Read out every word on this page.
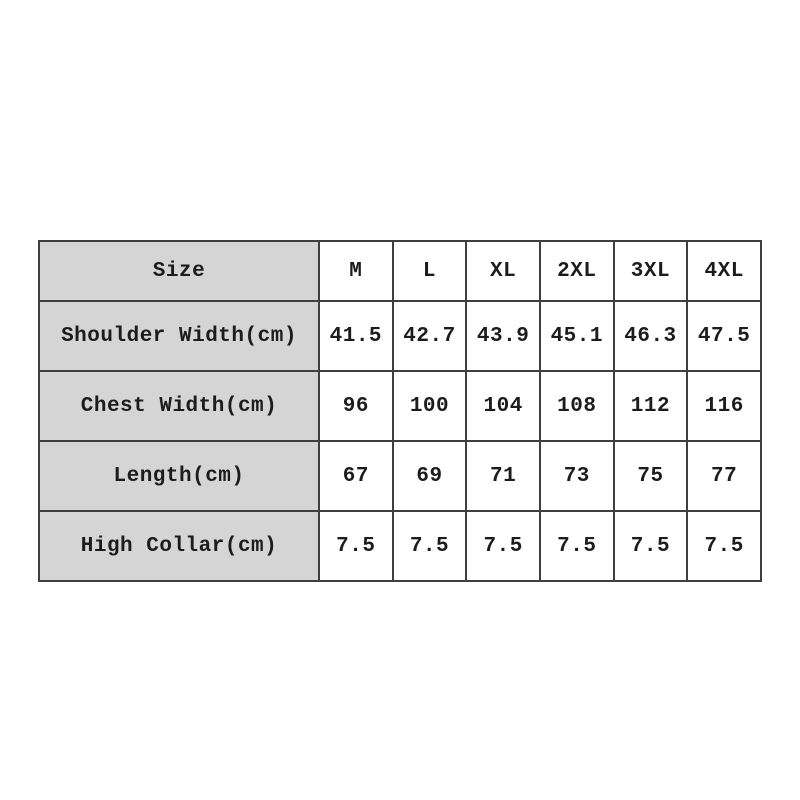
Size	M	L	XL	2XL	3XL	4XL
Shoulder Width(cm)	41.5	42.7	43.9	45.1	46.3	47.5
Chest Width(cm)	96	100	104	108	112	116
Length(cm)	67	69	71	73	75	77
High Collar(cm)	7.5	7.5	7.5	7.5	7.5	7.5
